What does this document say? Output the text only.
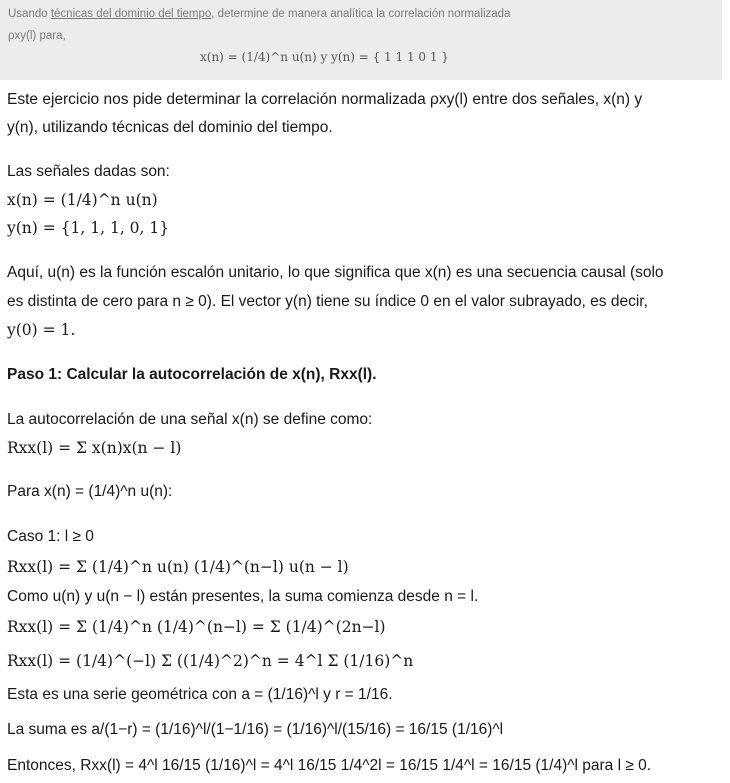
Usando técnicas del dominio del tiempo, determine de manera analítica la correlación normalizada
ρxy(l) para,
x(n) = (1/4)^n u(n) y y(n) = { 1 1 1 0 1 }
Este ejercicio nos pide determinar la correlación normalizada ρxy(l) entre dos señales, x(n) y
y(n), utilizando técnicas del dominio del tiempo.
Las señales dadas son:
x(n) = (1/4)^n u(n)
y(n) = {1, 1, 1, 0, 1}
Aquí, u(n) es la función escalón unitario, lo que significa que x(n) es una secuencia causal (solo
es distinta de cero para n ≥ 0). El vector y(n) tiene su índice 0 en el valor subrayado, es decir,
y(0) = 1.
Paso 1: Calcular la autocorrelación de x(n), Rxx(l).
La autocorrelación de una señal x(n) se define como:
Rxx(l) = Σ x(n)x(n − l)
Para x(n) = (1/4)^n u(n):
Caso 1: l ≥ 0
Rxx(l) = Σ (1/4)^n u(n) (1/4)^(n−l) u(n − l)
Como u(n) y u(n − l) están presentes, la suma comienza desde n = l.
Rxx(l) = Σ (1/4)^n (1/4)^(n−l) = Σ (1/4)^(2n−l)
Rxx(l) = (1/4)^(−l) Σ ((1/4)^2)^n = 4^l Σ (1/16)^n
Esta es una serie geométrica con a = (1/16)^l y r = 1/16.
La suma es a/(1−r) = (1/16)^l/(1−1/16) = (1/16)^l/(15/16) = 16/15 (1/16)^l
Entonces, Rxx(l) = 4^l 16/15 (1/16)^l = 4^l 16/15 1/4^2l = 16/15 1/4^l = 16/15 (1/4)^l para l ≥ 0.
